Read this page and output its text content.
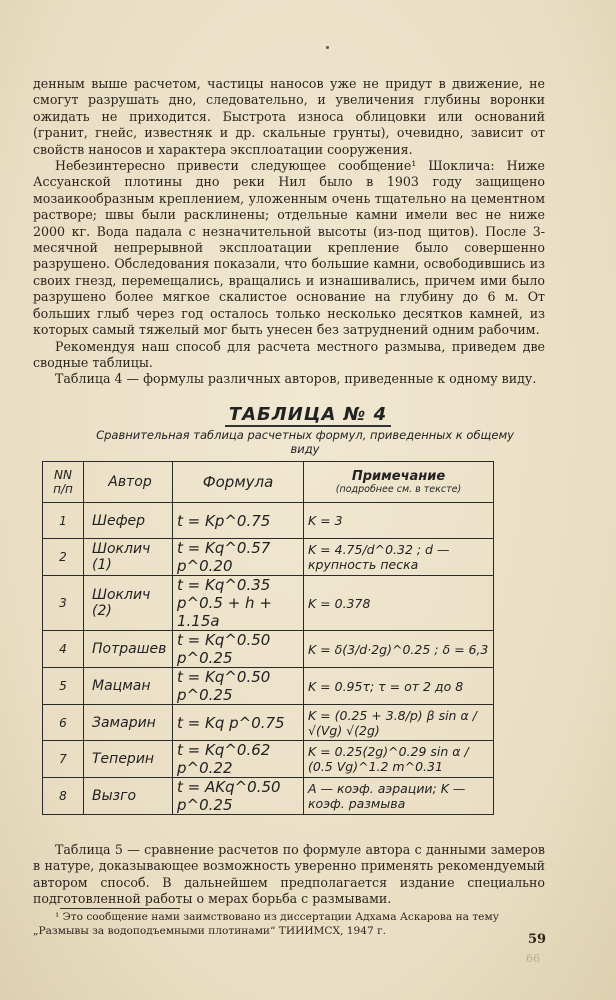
денным выше расчетом, частицы наносов уже не придут в движение, не смогут разрушать дно, следовательно, и увеличения глубины воронки ожидать не приходится. Быстрота износа облицовки или оснований (гранит, гнейс, известняк и др. скальные грунты), очевидно, зависит от свойств наносов и характера эксплоатации сооружения.

Небезинтересно привести следующее сообщение¹ Шоклича: Ниже Ассуанской плотины дно реки Нил было в 1903 году защищено мозаикообразным креплением, уложенным очень тщательно на цементном растворе; швы были расклинены; отдельные камни имели вес не ниже 2000 кг. Вода падала с незначительной высоты (из-под щитов). После 3-месячной непрерывной эксплоатации крепление было совершенно разрушено. Обследования показали, что большие камни, освободившись из своих гнезд, перемещались, вращались и изнашивались, причем ими было разрушено более мягкое скалистое основание на глубину до 6 м. От больших глыб через год осталось только несколько десятков камней, из которых самый тяжелый мог быть унесен без затруднений одним рабочим.

Рекомендуя наш способ для расчета местного размыва, приведем две сводные таблицы.

Таблица 4 — формулы различных авторов, приведенные к одному виду.

ТАБЛИЦА № 4
Сравнительная таблица расчетных формул, приведенных к общему виду
NN п/п	Автор	Формула	Примечание
(подробнее см. в тексте)

1	Шефер	t = Kp^0.75	K = 3
2	Шоклич (1)	t = Kq^0.57 p^0.20	K = 4.75/d^0.32 ; d — крупность песка
3	Шоклич (2)	t = Kq^0.35 p^0.5 + h + 1.15a	K = 0.378
4	Потрашев	t = Kq^0.50 p^0.25	K = δ(3/d·2g)^0.25 ; δ = 6,3
5	Мацман	t = Kq^0.50 p^0.25	K = 0.95τ; τ = от 2 до 8
6	Замарин	t = Kq p^0.75	K = (0.25 + 3.8/p) β sin α / √(Vg) √(2g)
7	Теперин	t = Kq^0.62 p^0.22	K = 0.25(2g)^0.29 sin α / (0.5 Vg)^1.2 m^0.31
8	Вызго	t = AKq^0.50 p^0.25	A — коэф. аэрации; K — коэф. размыва

Таблица 5 — сравнение расчетов по формуле автора с данными замеров в натуре, доказывающее возможность уверенно применять рекомендуемый автором способ. В дальнейшем предполагается издание специально подготовленной работы о мерах борьба с размывами.

¹ Это сообщение нами заимствовано из диссертации Адхама Аскарова на тему „Размывы за водоподъемными плотинами“ ТИИИМСХ, 1947 г.

59
66
